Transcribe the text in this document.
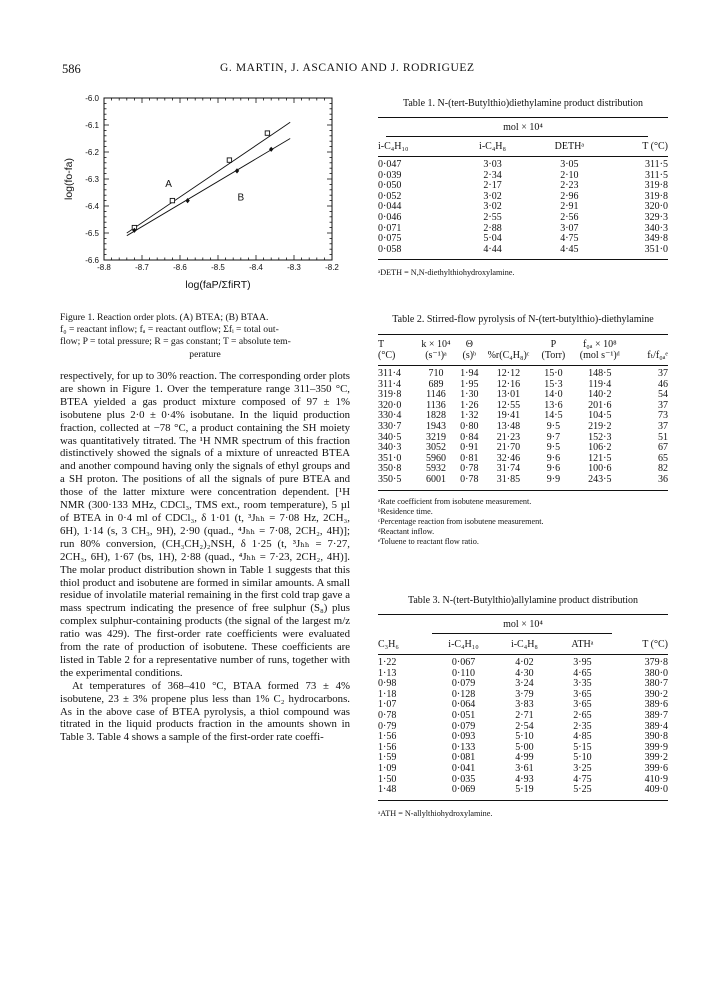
586	G. MARTIN, J. ASCANIO AND J. RODRIGUEZ
-8.8	-8.7	-8.6	-8.5	-8.4	-8.3	-8.2
-6.0
-6.1
-6.2
-6.3
-6.4
-6.5
-6.6
log(faP/ΣfiRT)
log(fo-fa)	A
B

Figure 1. Reaction order plots. (A) BTEA; (B) BTAA.

f₀ = reactant inflow; fₐ = reactant outflow; Σfᵢ = total out-

flow; P = total pressure; R = gas constant; T = absolute tem-

perature

respectively, for up to 30% reaction. The corresponding order plots are shown in Figure 1. Over the temperature range 311–350 °C, BTEA yielded a gas product mixture composed of 97 ± 1% isobutene plus 2·0 ± 0·4% isobutane. In the liquid production fraction, collected at −78 °C, a product containing the SH moiety was quantitatively titrated. The ¹H NMR spectrum of this fraction distinctively showed the signals of a mixture of unreacted BTEA and another compound having only the signals of ethyl groups and a SH proton. The positions of all the signals of pure BTEA and those of the latter mixture were concentration dependent. [¹H NMR (300·133 MHz, CDCl₃, TMS ext., room temperature), 5 µl of BTEA in 0·4 ml of CDCl₃, δ 1·01 (t, ³Jₕₕ = 7·08 Hz, 2CH₃, 6H), 1·14 (s, 3 CH₃, 9H), 2·90 (quad., ⁴Jₕₕ = 7·08, 2CH₂, 4H)]; run 80% conversion, (CH₃CH₂)₂NSH, δ 1·25 (t, ³Jₕₕ = 7·27, 2CH₃, 6H), 1·67 (bs, 1H), 2·88 (quad., ⁴Jₕₕ = 7·23, 2CH₂, 4H)]. The molar product distribution shown in Table 1 suggests that this thiol product and isobutene are formed in similar amounts. A small residue of involatile material remaining in the first cold trap gave a mass spectrum indicating the presence of free sulphur (S₈) plus complex sulphur-containing products (the signal of the largest m/z ratio was 429). The first-order rate coefficients were evaluated from the rate of production of isobutene. These coefficients are listed in Table 2 for a representative number of runs, together with the experimental conditions.

At temperatures of 368–410 °C, BTAA formed 73 ± 4% isobutene, 23 ± 3% propene plus less than 1% C₂ hydrocarbons. As in the above case of BTEA pyrolysis, a thiol compound was titrated in the liquid products fraction in the amounts shown in Table 3. Table 4 shows a sample of the first-order rate coeffi-

Table 1. N-(tert-Butylthio)diethylamine product distribution
mol × 10⁴
i-C₄H₁₀	i-C₄H₈	DETHᵃ	T (°C)
0·047	3·03	3·05	311·5
0·039	2·34	2·10	311·5
0·050	2·17	2·23	319·8
0·052	3·02	2·96	319·8
0·044	3·02	2·91	320·0
0·046	2·55	2·56	329·3
0·071	2·88	3·07	340·3
0·075	5·04	4·75	349·8
0·058	4·44	4·45	351·0
ᵃDETH = N,N-diethylthiohydroxylamine.
Table 2. Stirred-flow pyrolysis of N-(tert-butylthio)-diethylamine
T	k × 10⁴	Θ		P	f₀ₐ × 10⁸	
(°C)	(s⁻¹)ᵃ	(s)ᵇ	%r(C₄H₈)ᶜ	(Torr)	(mol s⁻¹)ᵈ	fₜ/f₀ₐᵉ
311·4	710	1·94	12·12	15·0	148·5	37
311·4	689	1·95	12·16	15·3	119·4	46
319·8	1146	1·30	13·01	14·0	140·2	54
320·0	1136	1·26	12·55	13·6	201·6	37
330·4	1828	1·32	19·41	14·5	104·5	73
330·7	1943	0·80	13·48	9·5	219·2	37
340·5	3219	0·84	21·23	9·7	152·3	51
340·3	3052	0·91	21·70	9·5	106·2	67
351·0	5960	0·81	32·46	9·6	121·5	65
350·8	5932	0·78	31·74	9·6	100·6	82
350·5	6001	0·78	31·85	9·9	243·5	36
ᵃRate coefficient from isobutene measurement.
ᵇResidence time.
ᶜPercentage reaction from isobutene measurement.
ᵈReactant inflow.
ᵉToluene to reactant flow ratio.
Table 3. N-(tert-Butylthio)allylamine product distribution
mol × 10⁴
C₃H₆	i-C₄H₁₀	i-C₄H₈	ATHᵃ	T (°C)
1·22	0·067	4·02	3·95	379·8
1·13	0·110	4·30	4·65	380·0
0·98	0·079	3·24	3·35	380·7
1·18	0·128	3·79	3·65	390·2
1·07	0·064	3·83	3·65	389·6
0·78	0·051	2·71	2·65	389·7
0·79	0·079	2·54	2·35	389·4
1·56	0·093	5·10	4·85	390·8
1·56	0·133	5·00	5·15	399·9
1·59	0·081	4·99	5·10	399·2
1·09	0·041	3·61	3·25	399·6
1·50	0·035	4·93	4·75	410·9
1·48	0·069	5·19	5·25	409·0
ᵃATH = N-allylthiohydroxylamine.
